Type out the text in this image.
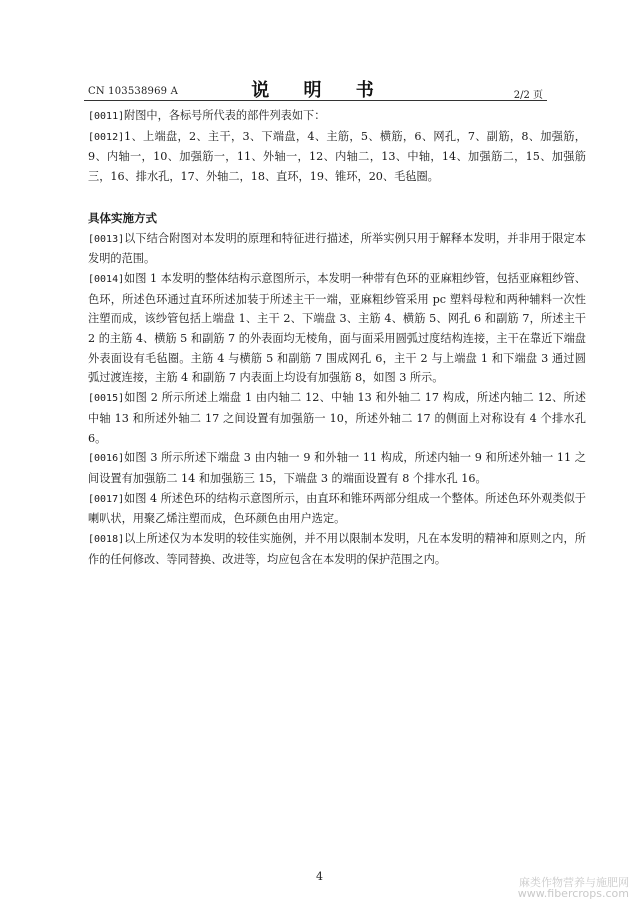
CN 103538969 A	说 明 书	2/2 页

[0011]附图中，各标号所代表的部件列表如下：

[0012]1、上端盘，2、主干，3、下端盘，4、主筋，5、横筋，6、网孔，7、副筋，8、加强筋，9、内轴一，10、加强筋一，11、外轴一，12、内轴二，13、中轴，14、加强筋二，15、加强筋三，16、排水孔，17、外轴二，18、直环，19、锥环，20、毛毡圈。

具体实施方式

[0013]以下结合附图对本发明的原理和特征进行描述，所举实例只用于解释本发明，并非用于限定本发明的范围。

[0014]如图 1 本发明的整体结构示意图所示，本发明一种带有色环的亚麻粗纱管，包括亚麻粗纱管、色环，所述色环通过直环所述加装于所述主干一端，亚麻粗纱管采用 pc 塑料母粒和两种辅料一次性注塑而成，该纱管包括上端盘 1、主干 2、下端盘 3、主筋 4、横筋 5、网孔 6 和副筋 7，所述主干 2 的主筋 4、横筋 5 和副筋 7 的外表面均无棱角，面与面采用圆弧过度结构连接，主干在靠近下端盘外表面设有毛毡圈。主筋 4 与横筋 5 和副筋 7 围成网孔 6，主干 2 与上端盘 1 和下端盘 3 通过圆弧过渡连接，主筋 4 和副筋 7 内表面上均设有加强筋 8，如图 3 所示。

[0015]如图 2 所示所述上端盘 1 由内轴二 12、中轴 13 和外轴二 17 构成，所述内轴二 12、所述中轴 13 和所述外轴二 17 之间设置有加强筋一 10，所述外轴二 17 的侧面上对称设有 4 个排水孔 6。

[0016]如图 3 所示所述下端盘 3 由内轴一 9 和外轴一 11 构成，所述内轴一 9 和所述外轴一 11 之间设置有加强筋二 14 和加强筋三 15，下端盘 3 的端面设置有 8 个排水孔 16。

[0017]如图 4 所述色环的结构示意图所示，由直环和锥环两部分组成一个整体。所述色环外观类似于喇叭状，用聚乙烯注塑而成，色环颜色由用户选定。

[0018]以上所述仅为本发明的较佳实施例，并不用以限制本发明，凡在本发明的精神和原则之内，所作的任何修改、等同替换、改进等，均应包含在本发明的保护范围之内。

4	麻类作物营养与施肥网
www.fibercrops.com
